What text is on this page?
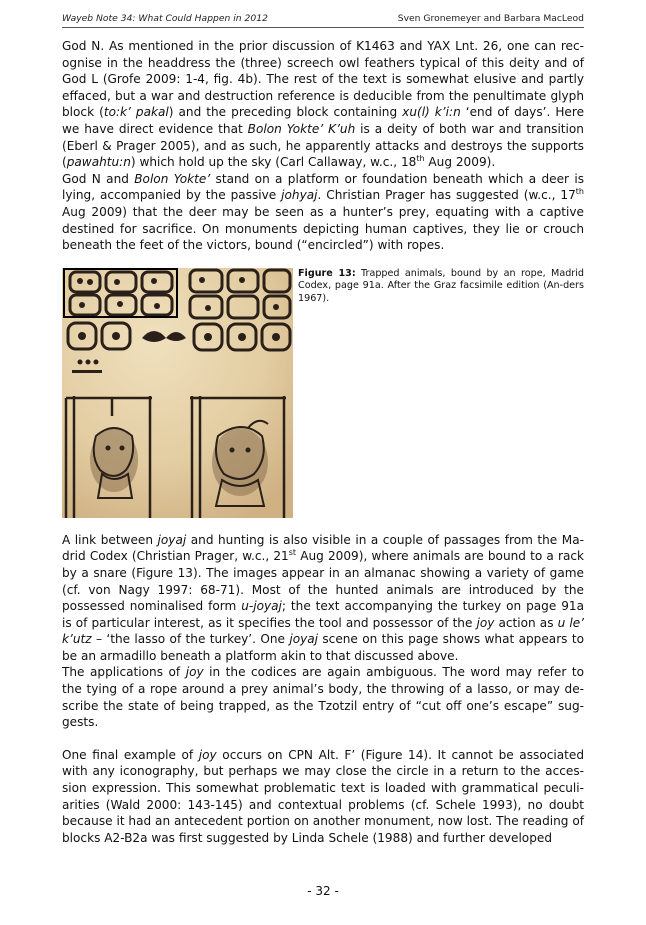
Wayeb Note 34: What Could Happen in 2012	Sven Gronemeyer and Barbara MacLeod

God N. As mentioned in the prior discussion of K1463 and YAX Lnt. 26, one can rec-ognise in the headdress the (three) screech owl feathers typical of this deity and of God L (Grofe 2009: 1-4, fig. 4b). The rest of the text is somewhat elusive and partly effaced, but a war and destruction reference is deducible from the penultimate glyph block (to:k’ pakal) and the preceding block containing xu(l) k’i:n ‘end of days’. Here we have direct evidence that Bolon Yokte’ K’uh is a deity of both war and transition (Eberl & Prager 2005), and as such, he apparently attacks and destroys the supports (pawahtu:n) which hold up the sky (Carl Callaway, w.c., 18th Aug 2009).

God N and Bolon Yokte’ stand on a platform or foundation beneath which a deer is lying, accompanied by the passive johyaj. Christian Prager has suggested (w.c., 17th Aug 2009) that the deer may be seen as a hunter’s prey, equating with a captive destined for sacrifice. On monuments depicting human captives, they lie or crouch beneath the feet of the victors, bound (“encircled”) with ropes.

Figure 13: Trapped animals, bound by an rope, Madrid Codex, page 91a. After the Graz facsimile edition (An-ders 1967).

A link between joyaj and hunting is also visible in a couple of passages from the Ma-drid Codex (Christian Prager, w.c., 21st Aug 2009), where animals are bound to a rack by a snare (Figure 13). The images appear in an almanac showing a variety of game (cf. von Nagy 1997: 68-71). Most of the hunted animals are introduced by the possessed nominalised form u-joyaj; the text accompanying the turkey on page 91a is of particular interest, as it specifies the tool and possessor of the joy action as u le’ k’utz – ‘the lasso of the turkey’. One joyaj scene on this page shows what appears to be an armadillo beneath a platform akin to that discussed above.

The applications of joy in the codices are again ambiguous. The word may refer to the tying of a rope around a prey animal’s body, the throwing of a lasso, or may de-scribe the state of being trapped, as the Tzotzil entry of “cut off one’s escape” sug-gests.

One final example of joy occurs on CPN Alt. F’ (Figure 14). It cannot be associated with any iconography, but perhaps we may close the circle in a return to the acces-sion expression. This somewhat problematic text is loaded with grammatical peculi-arities (Wald 2000: 143-145) and contextual problems (cf. Schele 1993), no doubt because it had an antecedent portion on another monument, now lost. The reading of blocks A2-B2a was first suggested by Linda Schele (1988) and further developed

- 32 -
